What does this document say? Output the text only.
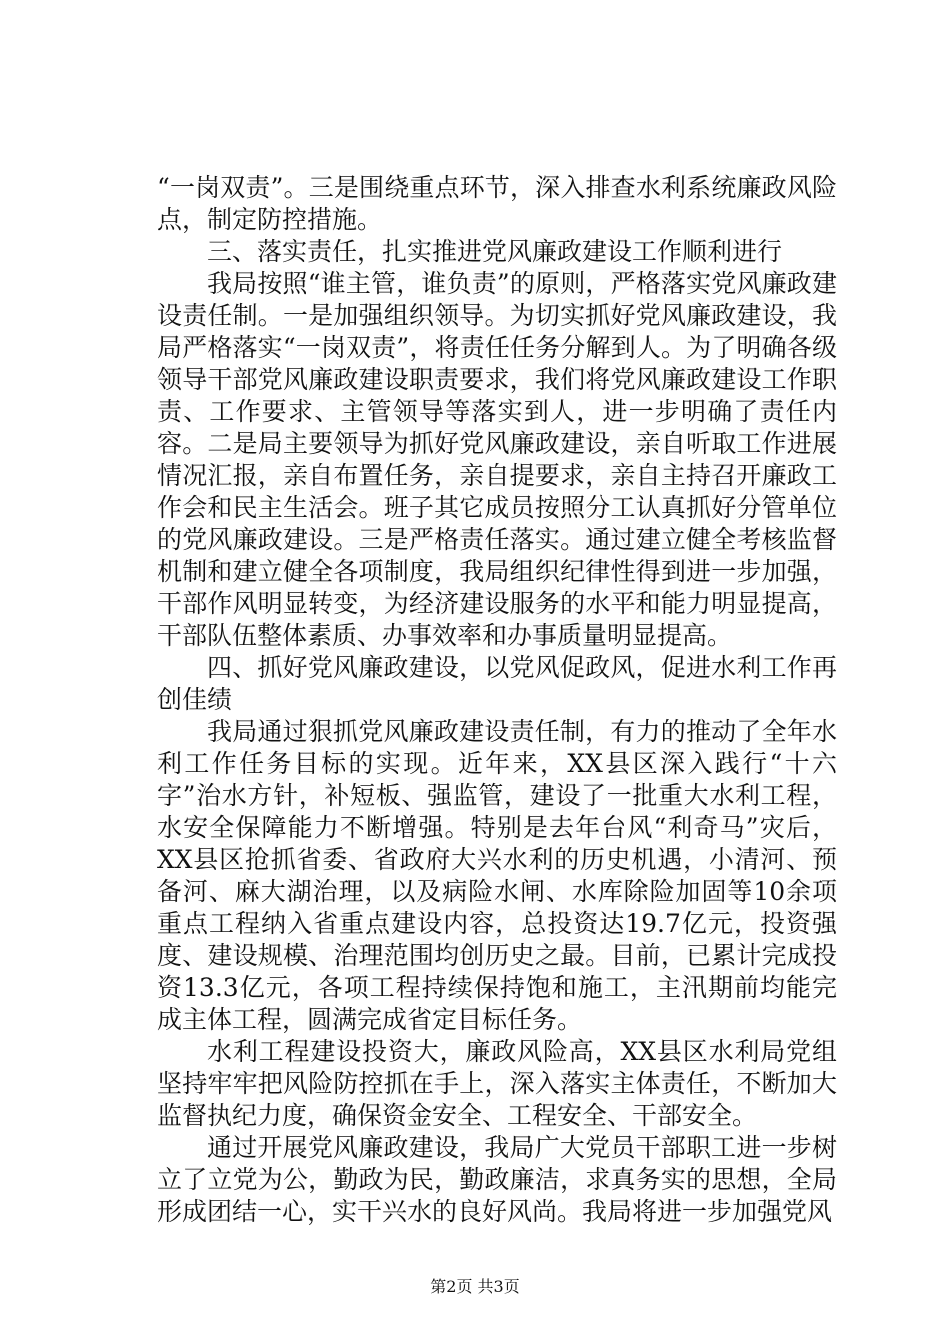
“一岗双责”。三是围绕重点环节，深入排查水利系统廉政风险点，制定防控措施。

三、落实责任，扎实推进党风廉政建设工作顺利进行

我局按照“谁主管，谁负责”的原则，严格落实党风廉政建设责任制。一是加强组织领导。为切实抓好党风廉政建设，我局严格落实“一岗双责”，将责任任务分解到人。为了明确各级领导干部党风廉政建设职责要求，我们将党风廉政建设工作职责、工作要求、主管领导等落实到人，进一步明确了责任内容。二是局主要领导为抓好党风廉政建设，亲自听取工作进展情况汇报，亲自布置任务，亲自提要求，亲自主持召开廉政工作会和民主生活会。班子其它成员按照分工认真抓好分管单位的党风廉政建设。三是严格责任落实。通过建立健全考核监督机制和建立健全各项制度，我局组织纪律性得到进一步加强，干部作风明显转变，为经济建设服务的水平和能力明显提高，干部队伍整体素质、办事效率和办事质量明显提高。

四、抓好党风廉政建设，以党风促政风，促进水利工作再创佳绩

我局通过狠抓党风廉政建设责任制，有力的推动了全年水利工作任务目标的实现。近年来，XX县区深入践行“十六字”治水方针，补短板、强监管，建设了一批重大水利工程，水安全保障能力不断增强。特别是去年台风“利奇马”灾后，XX县区抢抓省委、省政府大兴水利的历史机遇，小清河、预备河、麻大湖治理，以及病险水闸、水库除险加固等10余项重点工程纳入省重点建设内容，总投资达19.7亿元，投资强度、建设规模、治理范围均创历史之最。目前，已累计完成投资13.3亿元，各项工程持续保持饱和施工，主汛期前均能完成主体工程，圆满完成省定目标任务。

水利工程建设投资大，廉政风险高，XX县区水利局党组坚持牢牢把风险防控抓在手上，深入落实主体责任，不断加大监督执纪力度，确保资金安全、工程安全、干部安全。

通过开展党风廉政建设，我局广大党员干部职工进一步树立了立党为公，勤政为民，勤政廉洁，求真务实的思想，全局形成团结一心，实干兴水的良好风尚。我局将进一步加强党风

第2页 共3页
